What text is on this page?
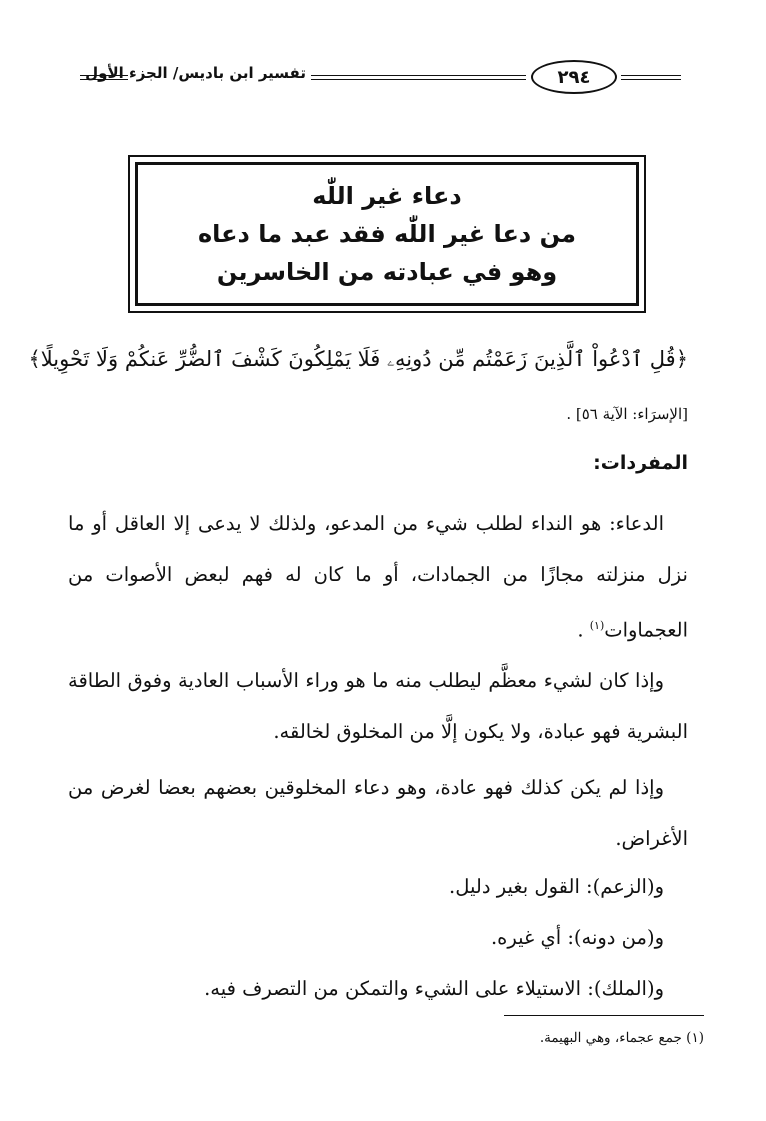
٢٩٤
تفسير ابن باديس/ الجزء الأول
دعاء غير اللّٰه
من دعا غير اللّٰه فقد عبد ما دعاه
وهو في عبادته من الخاسرين
﴿قُلِ ٱدْعُواْ ٱلَّذِينَ زَعَمْتُم مِّن دُونِهِۦ فَلَا يَمْلِكُونَ كَشْفَ ٱلضُّرِّ عَنكُمْ وَلَا تَحْوِيلًا﴾
[الإسرَاء: الآية ٥٦] .
المفردات:
الدعاء: هو النداء لطلب شيء من المدعو، ولذلك لا يدعى إلا العاقل أو ما نزل منزلته مجازًا من الجمادات، أو ما كان له فهم لبعض الأصوات من العجماوات$^{(١)}$ .
وإذا كان لشيء معظَّم ليطلب منه ما هو وراء الأسباب العادية وفوق الطاقة البشرية فهو عبادة، ولا يكون إلَّا من المخلوق لخالقه.
وإذا لم يكن كذلك فهو عادة، وهو دعاء المخلوقين بعضهم بعضا لغرض من الأغراض.
و(الزعم): القول بغير دليل.
و(من دونه): أي غيره.
و(الملك): الاستيلاء على الشيء والتمكن من التصرف فيه.
(١) جمع عجماء، وهي البهيمة.
